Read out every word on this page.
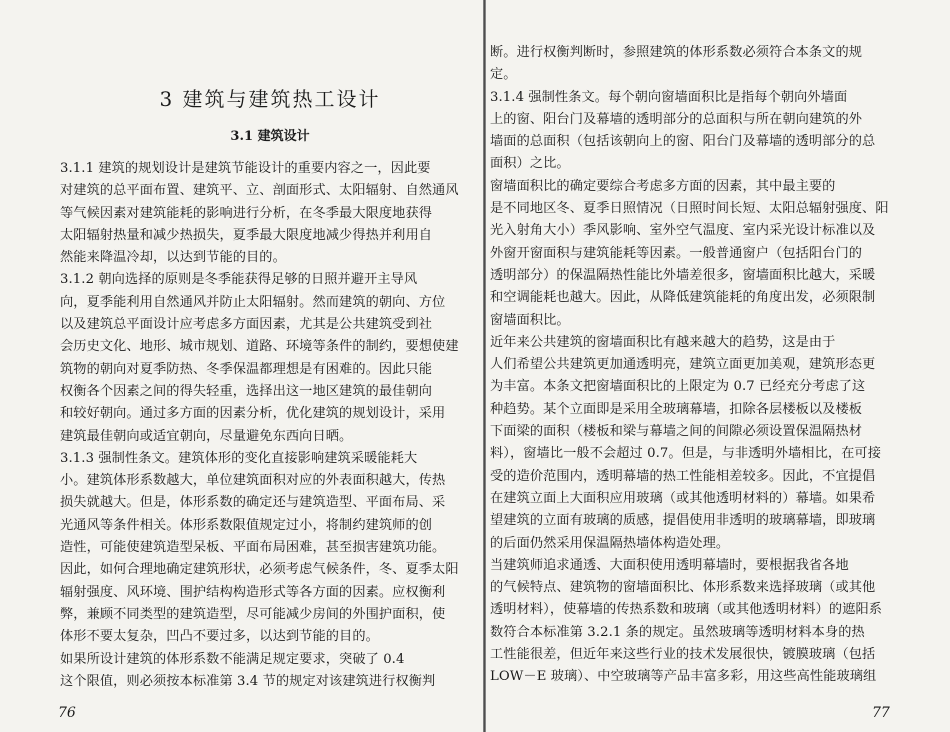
3 建筑与建筑热工设计
3.1 建筑设计
3.1.1 建筑的规划设计是建筑节能设计的重要内容之一，因此要
对建筑的总平面布置、建筑平、立、剖面形式、太阳辐射、自然通风
等气候因素对建筑能耗的影响进行分析，在冬季最大限度地获得
太阳辐射热量和减少热损失，夏季最大限度地减少得热并利用自
然能来降温冷却，以达到节能的目的。
3.1.2 朝向选择的原则是冬季能获得足够的日照并避开主导风
向，夏季能利用自然通风并防止太阳辐射。然而建筑的朝向、方位
以及建筑总平面设计应考虑多方面因素，尤其是公共建筑受到社
会历史文化、地形、城市规划、道路、环境等条件的制约，要想使建
筑物的朝向对夏季防热、冬季保温都理想是有困难的。因此只能
权衡各个因素之间的得失轻重，选择出这一地区建筑的最佳朝向
和较好朝向。通过多方面的因素分析，优化建筑的规划设计，采用
建筑最佳朝向或适宜朝向，尽量避免东西向日晒。
3.1.3 强制性条文。建筑体形的变化直接影响建筑采暖能耗大
小。建筑体形系数越大，单位建筑面积对应的外表面积越大，传热
损失就越大。但是，体形系数的确定还与建筑造型、平面布局、采
光通风等条件相关。体形系数限值规定过小，将制约建筑师的创
造性，可能使建筑造型呆板、平面布局困难，甚至损害建筑功能。
因此，如何合理地确定建筑形状，必须考虑气候条件，冬、夏季太阳
辐射强度、风环境、围护结构构造形式等各方面的因素。应权衡利
弊，兼顾不同类型的建筑造型，尽可能减少房间的外围护面积，使
体形不要太复杂，凹凸不要过多，以达到节能的目的。
如果所设计建筑的体形系数不能满足规定要求，突破了 0.4
这个限值，则必须按本标准第 3.4 节的规定对该建筑进行权衡判
断。进行权衡判断时，参照建筑的体形系数必须符合本条文的规
定。
3.1.4 强制性条文。每个朝向窗墙面积比是指每个朝向外墙面
上的窗、阳台门及幕墙的透明部分的总面积与所在朝向建筑的外
墙面的总面积（包括该朝向上的窗、阳台门及幕墙的透明部分的总
面积）之比。
窗墙面积比的确定要综合考虑多方面的因素，其中最主要的
是不同地区冬、夏季日照情况（日照时间长短、太阳总辐射强度、阳
光入射角大小）季风影响、室外空气温度、室内采光设计标准以及
外窗开窗面积与建筑能耗等因素。一般普通窗户（包括阳台门的
透明部分）的保温隔热性能比外墙差很多，窗墙面积比越大，采暖
和空调能耗也越大。因此，从降低建筑能耗的角度出发，必须限制
窗墙面积比。
近年来公共建筑的窗墙面积比有越来越大的趋势，这是由于
人们希望公共建筑更加通透明亮，建筑立面更加美观，建筑形态更
为丰富。本条文把窗墙面积比的上限定为 0.7 已经充分考虑了这
种趋势。某个立面即是采用全玻璃幕墙，扣除各层楼板以及楼板
下面梁的面积（楼板和梁与幕墙之间的间隙必须设置保温隔热材
料），窗墙比一般不会超过 0.7。但是，与非透明外墙相比，在可接
受的造价范围内，透明幕墙的热工性能相差较多。因此，不宜提倡
在建筑立面上大面积应用玻璃（或其他透明材料的）幕墙。如果希
望建筑的立面有玻璃的质感，提倡使用非透明的玻璃幕墙，即玻璃
的后面仍然采用保温隔热墙体构造处理。
当建筑师追求通透、大面积使用透明幕墙时，要根据我省各地
的气候特点、建筑物的窗墙面积比、体形系数来选择玻璃（或其他
透明材料），使幕墙的传热系数和玻璃（或其他透明材料）的遮阳系
数符合本标准第 3.2.1 条的规定。虽然玻璃等透明材料本身的热
工性能很差，但近年来这些行业的技术发展很快，镀膜玻璃（包括
LOW－E 玻璃）、中空玻璃等产品丰富多彩，用这些高性能玻璃组
76	77
